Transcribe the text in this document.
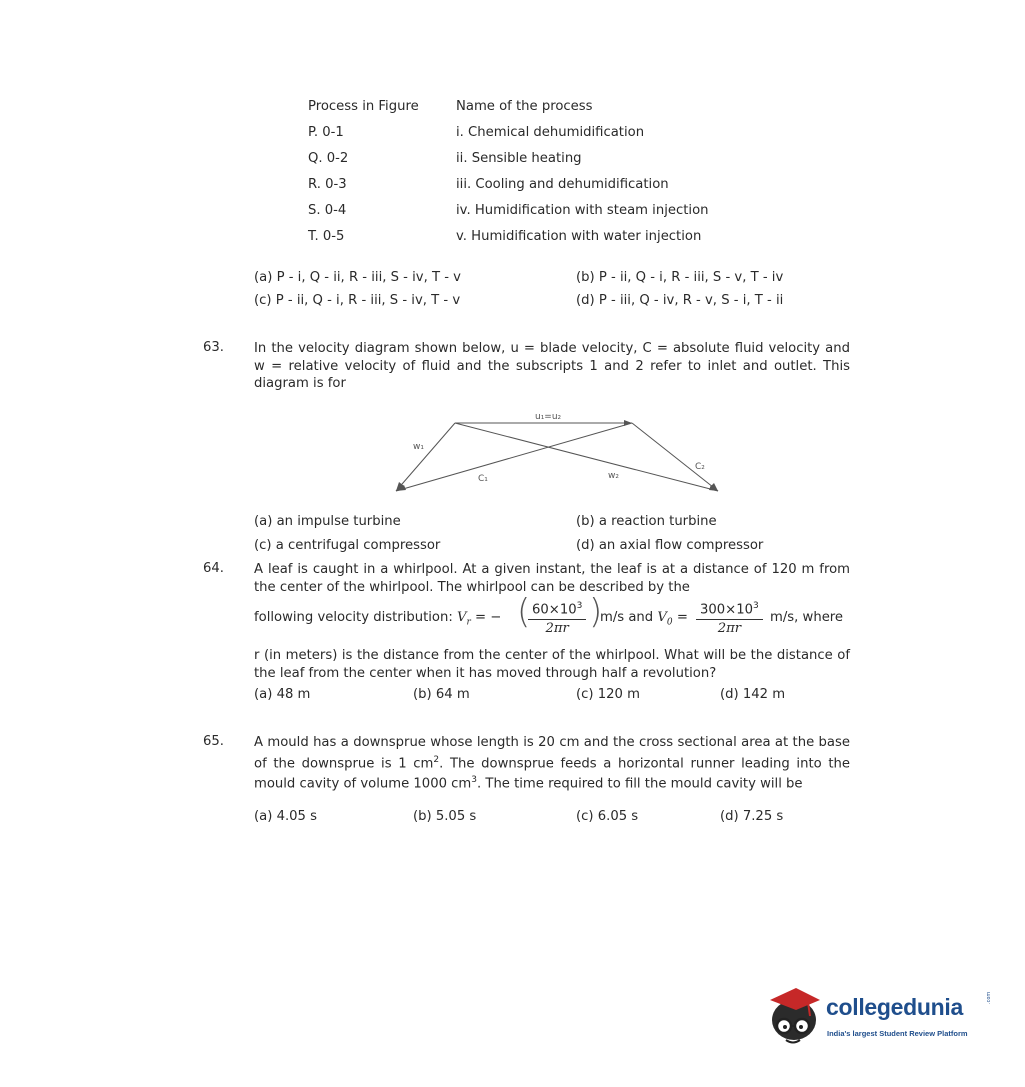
Process in Figure	Name of the process
P. 0-1	i. Chemical dehumidification
Q. 0-2	ii. Sensible heating
R. 0-3	iii. Cooling and dehumidification
S. 0-4	iv. Humidification with steam injection
T. 0-5	v. Humidification with water injection
(a) P - i, Q - ii, R - iii, S - iv, T - v	(b) P - ii, Q - i, R - iii, S - v, T - iv
(c) P - ii, Q - i, R - iii, S - iv, T - v	(d) P - iii, Q - iv, R - v, S - i, T - ii
63. In the velocity diagram shown below, u = blade velocity, C = absolute fluid velocity and w = relative velocity of fluid and the subscripts 1 and 2 refer to inlet and outlet. This diagram is for
u₁=u₂
w₁
C₁	w₂
C₂
(a) an impulse turbine	(b) a reaction turbine
(c) a centrifugal compressor	(d) an axial flow compressor
64. A leaf is caught in a whirlpool. At a given instant, the leaf is at a distance of 120 m from the center of the whirlpool. The whirlpool can be described by the
following velocity distribution: $V_r$ = − (
$\frac{60\times 10^3}{2\pi r}$ )
m/s and $V_0 = \frac{300\times 10^3}{2\pi r} m/s$, where
r (in meters) is the distance from the center of the whirlpool. What will be the distance of the leaf from the center when it has moved through half a revolution?
(a) 48 m	(b) 64 m	(c) 120 m	(d) 142 m
65. A mould has a downsprue whose length is 20 cm and the cross sectional area at the base of the downsprue is 1 $cm^2$. The downsprue feeds a horizontal runner leading into the mould cavity of volume 1000 $cm^3$. The time required to fill the mould cavity will be
(a) 4.05 s	(b) 5.05 s	(c) 6.05 s	(d) 7.25 s
collegedunia	.com
India's largest Student Review Platform
